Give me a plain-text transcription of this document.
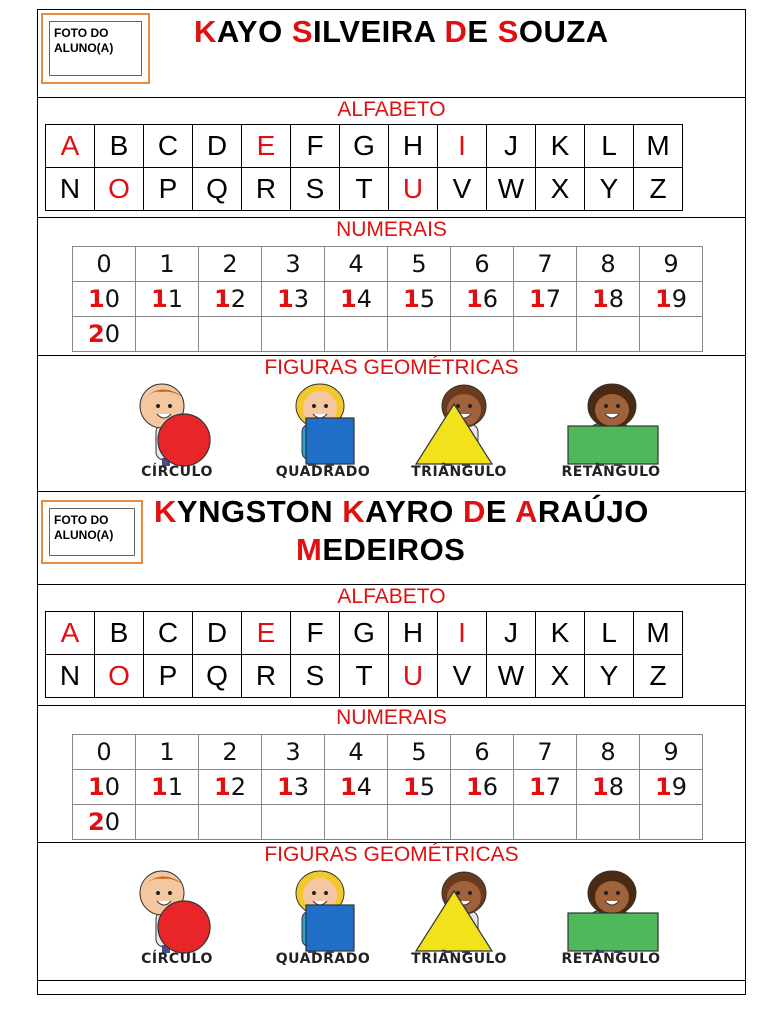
FOTO DO ALUNO(A)	KAYO SILVEIRA DE SOUZA
ALFABETO
A	B	C	D	E	F	G	H	I	J	K	L	M
N	O	P	Q	R	S	T	U	V	W	X	Y	Z
NUMERAIS
0	1	2	3	4	5	6	7	8	9
10	11	12	13	14	15	16	17	18	19
20									
FIGURAS GEOMÉTRICAS
CÍRCULO	QUADRADO	TRIÂNGULO	RETÂNGULO
FOTO DO ALUNO(A)
KYNGSTON KAYRO DE ARAÚJO
MEDEIROS
ALFABETO
A	B	C	D	E	F	G	H	I	J	K	L	M
N	O	P	Q	R	S	T	U	V	W	X	Y	Z
NUMERAIS
0	1	2	3	4	5	6	7	8	9
10	11	12	13	14	15	16	17	18	19
20									
FIGURAS GEOMÉTRICAS
CÍRCULO	QUADRADO	TRIÂNGULO	RETÂNGULO
